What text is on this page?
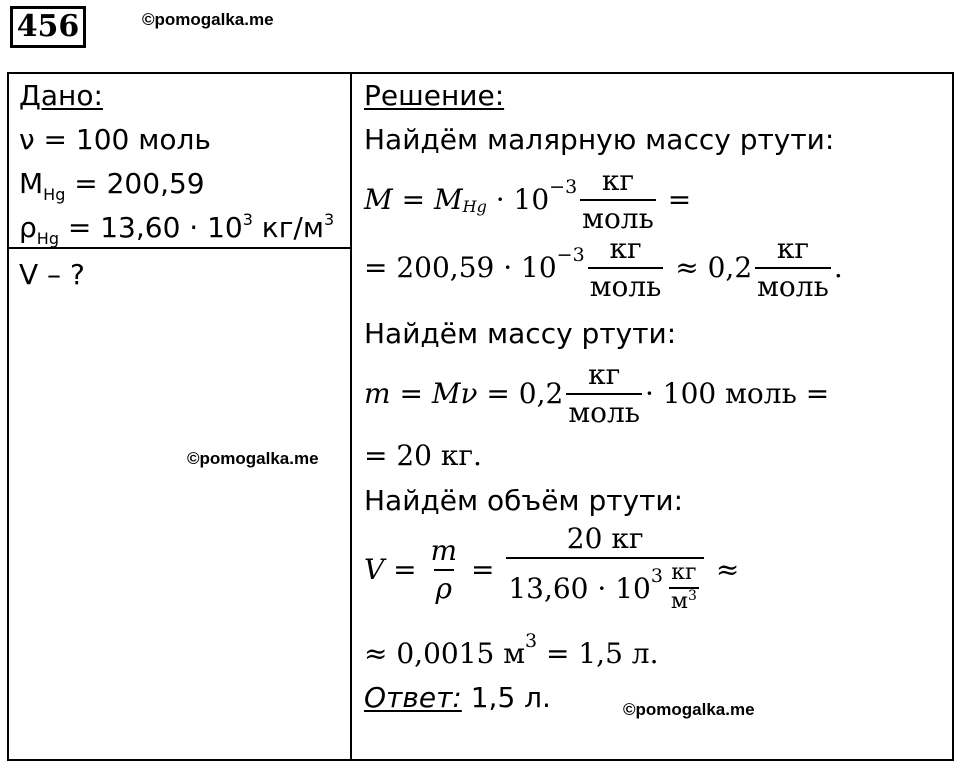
456	©pomogalka.me
Дано:
ν = 100 моль
$M_{Hg} = 200,59$
$\rho_{Hg} = 13,60 \cdot 10^3$ $кг/м^3$
V – ?
©pomogalka.me
Решение:
Найдём малярную массу ртути:
M = M $Hg \cdot 10 -3 \frac{кг}{\text{моль}}$ =
= $200,59 \cdot 10 -3 \frac{кг}{\text{моль}} \approx 0,2 \frac{кг}{\text{моль}}$ .
Найдём массу ртути:
$m = M\nu = 0,2 \frac{кг}{\text{моль}} \cdot 100$ моль =
= 20 кг.
Найдём объём ртути:
$V = \frac{m}{\rho} = \frac{20 кг}{13,60 \cdot 10 3 \frac{кг}{м^3}}$ ≈
≈ 0,0015 м 3 = 1,5 л.
Ответ: 1,5 л.	©pomogalka.me
